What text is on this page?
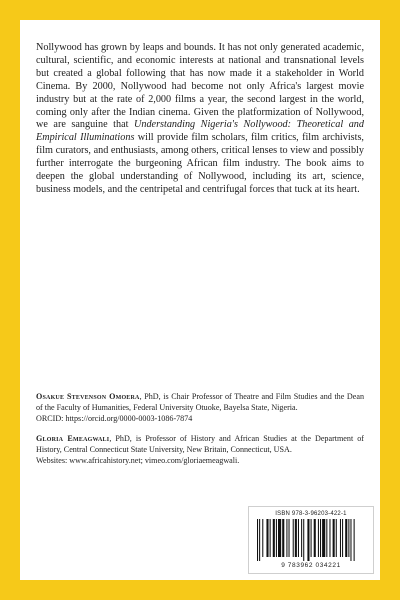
Nollywood has grown by leaps and bounds. It has not only generated academic, cultural, scientific, and economic interests at national and transnational levels but created a global following that has now made it a stakeholder in World Cinema. By 2000, Nollywood had become not only Africa's largest movie industry but at the rate of 2,000 films a year, the second largest in the world, coming only after the Indian cinema. Given the platformization of Nollywood, we are sanguine that Understanding Nigeria's Nollywood: Theoretical and Empirical Illuminations will provide film scholars, film critics, film archivists, film curators, and enthusiasts, among others, critical lenses to view and possibly further interrogate the burgeoning African film industry. The book aims to deepen the global understanding of Nollywood, including its art, science, business models, and the centripetal and centrifugal forces that tuck at its heart.

Osakue Stevenson Omoera, PhD, is Chair Professor of Theatre and Film Studies and the Dean of the Faculty of Humanities, Federal University Otuoke, Bayelsa State, Nigeria.
ORCID: https://orcid.org/0000-0003-1086-7874

Gloria Emeagwali, PhD, is Professor of History and African Studies at the Department of History, Central Connecticut State University, New Britain, Connecticut, USA.
Websites: www.africahistory.net; vimeo.com/gloriaemeagwali.

ISBN 978-3-96203-422-1
9 783962 034221
